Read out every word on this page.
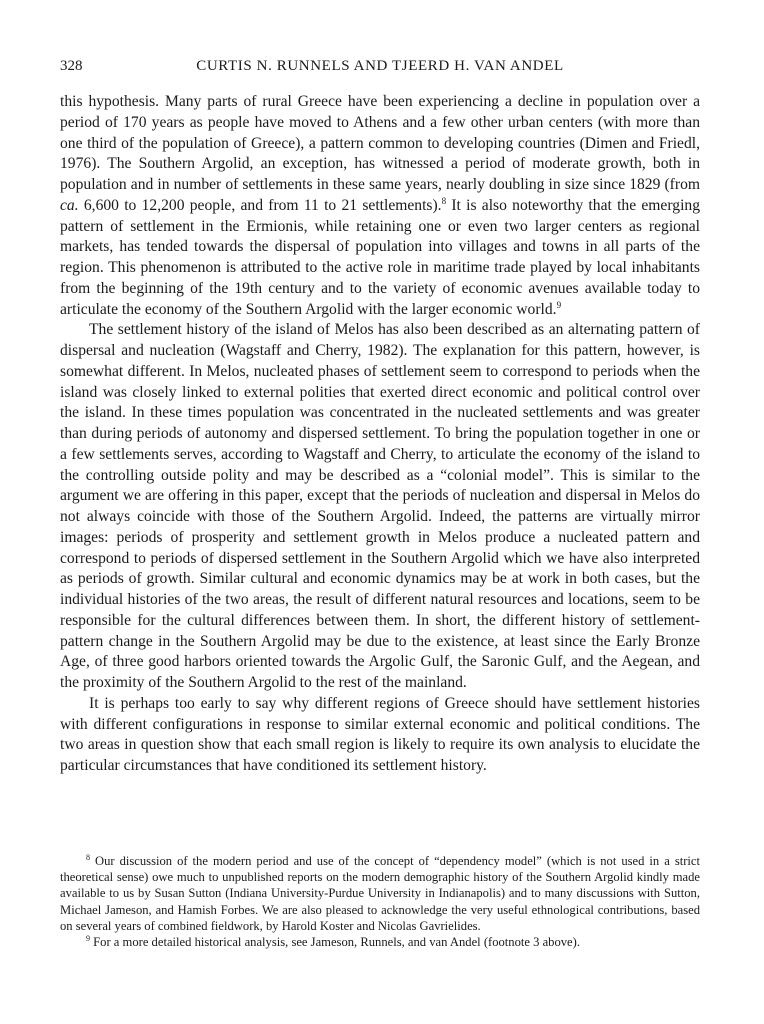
328	CURTIS N. RUNNELS AND TJEERD H. VAN ANDEL

this hypothesis. Many parts of rural Greece have been experiencing a decline in population over a period of 170 years as people have moved to Athens and a few other urban centers (with more than one third of the population of Greece), a pattern common to developing countries (Dimen and Friedl, 1976). The Southern Argolid, an exception, has witnessed a period of moderate growth, both in population and in number of settlements in these same years, nearly doubling in size since 1829 (from ca. 6,600 to 12,200 people, and from 11 to 21 settlements).$^8$ It is also noteworthy that the emerging pattern of settlement in the Ermionis, while retaining one or even two larger centers as regional markets, has tended towards the dispersal of population into villages and towns in all parts of the region. This phenomenon is attributed to the active role in maritime trade played by local inhabitants from the beginning of the 19th century and to the variety of economic avenues available today to articulate the economy of the Southern Argolid with the larger economic world.$^9$

The settlement history of the island of Melos has also been described as an alternating pattern of dispersal and nucleation (Wagstaff and Cherry, 1982). The explanation for this pattern, however, is somewhat different. In Melos, nucleated phases of settlement seem to correspond to periods when the island was closely linked to external polities that exerted direct economic and political control over the island. In these times population was concentrated in the nucleated settlements and was greater than during periods of autonomy and dispersed settlement. To bring the population together in one or a few settlements serves, according to Wagstaff and Cherry, to articulate the economy of the island to the controlling outside polity and may be described as a “colonial model”. This is similar to the argument we are offering in this paper, except that the periods of nucleation and dispersal in Melos do not always coincide with those of the Southern Argolid. Indeed, the patterns are virtually mirror images: periods of prosperity and settlement growth in Melos produce a nucleated pattern and correspond to periods of dispersed settlement in the Southern Argolid which we have also interpreted as periods of growth. Similar cultural and economic dynamics may be at work in both cases, but the individual histories of the two areas, the result of different natural resources and locations, seem to be responsible for the cultural differences between them. In short, the different history of settlement-pattern change in the Southern Argolid may be due to the existence, at least since the Early Bronze Age, of three good harbors oriented towards the Argolic Gulf, the Saronic Gulf, and the Aegean, and the proximity of the Southern Argolid to the rest of the mainland.

It is perhaps too early to say why different regions of Greece should have settlement histories with different configurations in response to similar external economic and political conditions. The two areas in question show that each small region is likely to require its own analysis to elucidate the particular circumstances that have conditioned its settlement history.

$^8$ Our discussion of the modern period and use of the concept of “dependency model” (which is not used in a strict theoretical sense) owe much to unpublished reports on the modern demographic history of the Southern Argolid kindly made available to us by Susan Sutton (Indiana University-Purdue University in Indianapolis) and to many discussions with Sutton, Michael Jameson, and Hamish Forbes. We are also pleased to acknowledge the very useful ethnological contributions, based on several years of combined fieldwork, by Harold Koster and Nicolas Gavrielides.

$^9$ For a more detailed historical analysis, see Jameson, Runnels, and van Andel (footnote 3 above).
